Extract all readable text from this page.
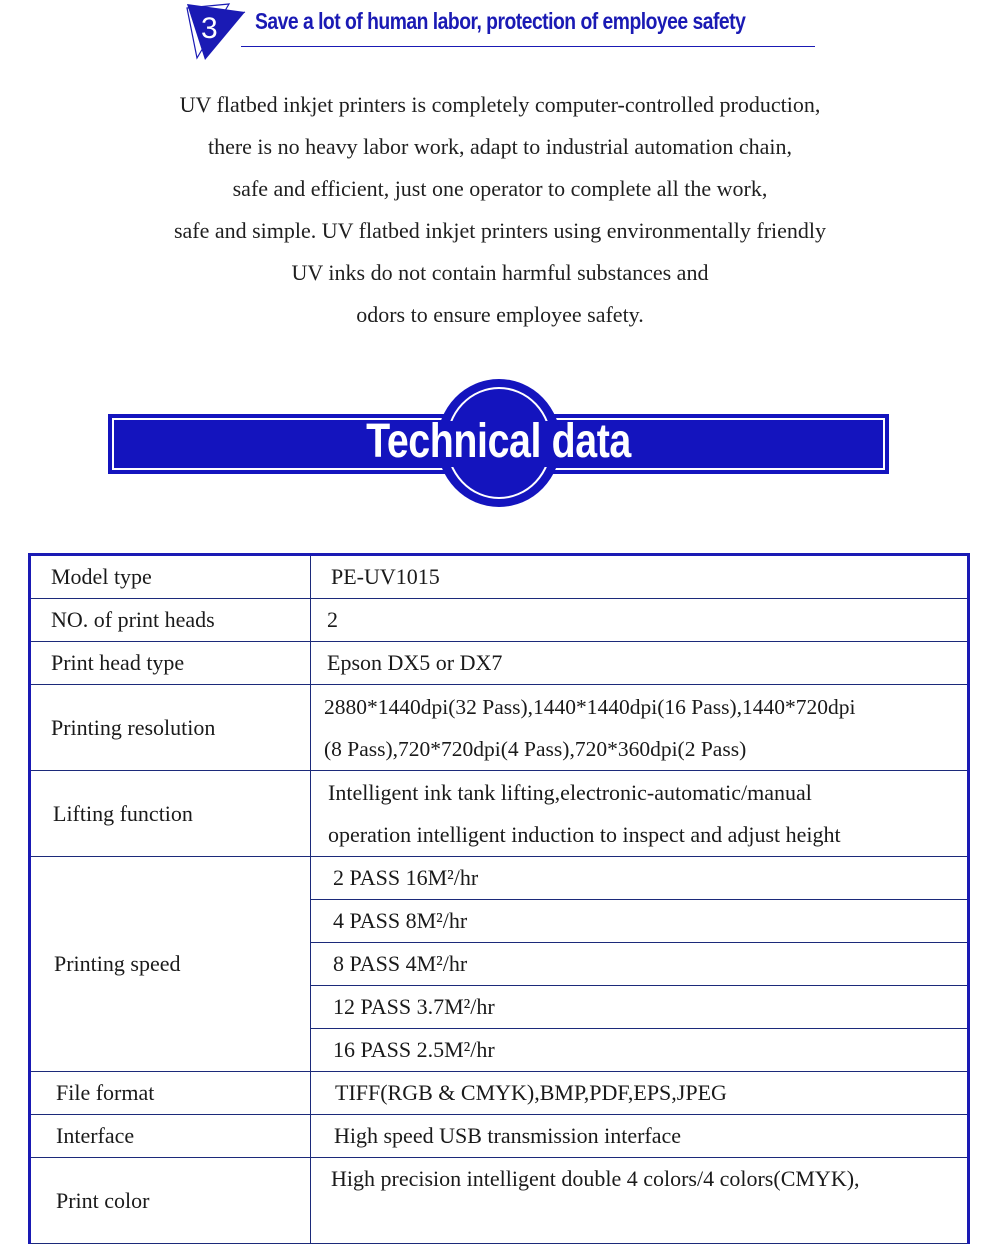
3 Save a lot of human labor, protection of employee safety
UV flatbed inkjet printers is completely computer-controlled production,
there is no heavy labor work, adapt to industrial automation chain,
safe and efficient, just one operator to complete all the work,
safe and simple. UV flatbed inkjet printers using environmentally friendly
UV inks do not contain harmful substances and
odors to ensure employee safety.
Technical data
Model type	PE-UV1015
NO. of print heads	2
Print head type	Epson DX5 or DX7
Printing resolution	2880*1440dpi(32 Pass),1440*1440dpi(16 Pass),1440*720dpi
(8 Pass),720*720dpi(4 Pass),720*360dpi(2 Pass)

Lifting function	Intelligent ink tank lifting,electronic-automatic/manual
operation intelligent induction to inspect and adjust height

Printing speed	2 PASS 16M²/hr
4 PASS 8M²/hr
8 PASS 4M²/hr
12 PASS 3.7M²/hr
16 PASS 2.5M²/hr

File format	TIFF(RGB & CMYK),BMP,PDF,EPS,JPEG
Interface	High speed USB transmission interface
Print color	High precision intelligent double 4 colors/4 colors(CMYK),
